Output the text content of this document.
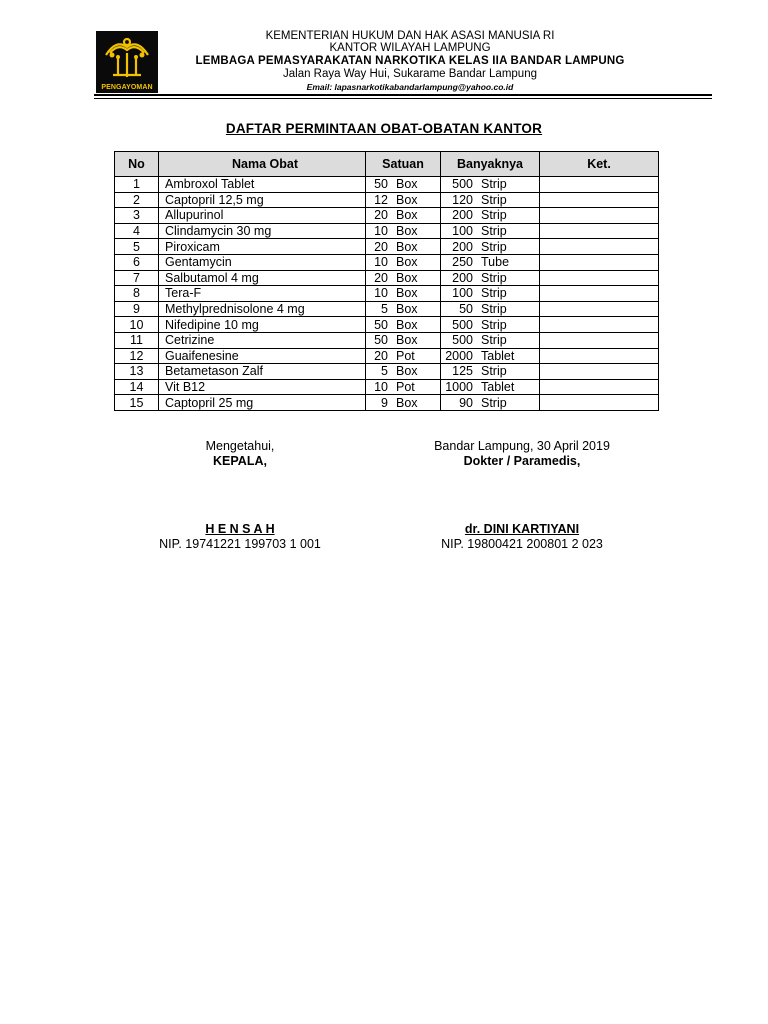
PENGAYOMAN
KEMENTERIAN HUKUM DAN HAK ASASI MANUSIA RI
KANTOR WILAYAH LAMPUNG
LEMBAGA PEMASYARAKATAN NARKOTIKA KELAS IIA BANDAR LAMPUNG
Jalan Raya Way Hui, Sukarame Bandar Lampung
Email: lapasnarkotikabandarlampung@yahoo.co.id
DAFTAR PERMINTAAN OBAT-OBATAN KANTOR
No	Nama Obat	Satuan	Banyaknya	Ket.
1	Ambroxol Tablet	50 Box	500 Strip	
2	Captopril 12,5 mg	12 Box	120 Strip	
3	Allupurinol	20 Box	200 Strip	
4	Clindamycin 30 mg	10 Box	100 Strip	
5	Piroxicam	20 Box	200 Strip	
6	Gentamycin	10 Box	250 Tube	
7	Salbutamol 4 mg	20 Box	200 Strip	
8	Tera-F	10 Box	100 Strip	
9	Methylprednisolone 4 mg	5 Box	50 Strip	
10	Nifedipine 10 mg	50 Box	500 Strip	
11	Cetrizine	50 Box	500 Strip	
12	Guaifenesine	20 Pot	2000 Tablet	
13	Betametason Zalf	5 Box	125 Strip	
14	Vit B12	10 Pot	1000 Tablet	
15	Captopril 25 mg	9 Box	90 Strip	
Mengetahui,
KEPALA,
H E N S A H
NIP. 19741221 199703 1 001
Bandar Lampung, 30 April 2019
Dokter / Paramedis,
dr. DINI KARTIYANI
NIP. 19800421 200801 2 023
